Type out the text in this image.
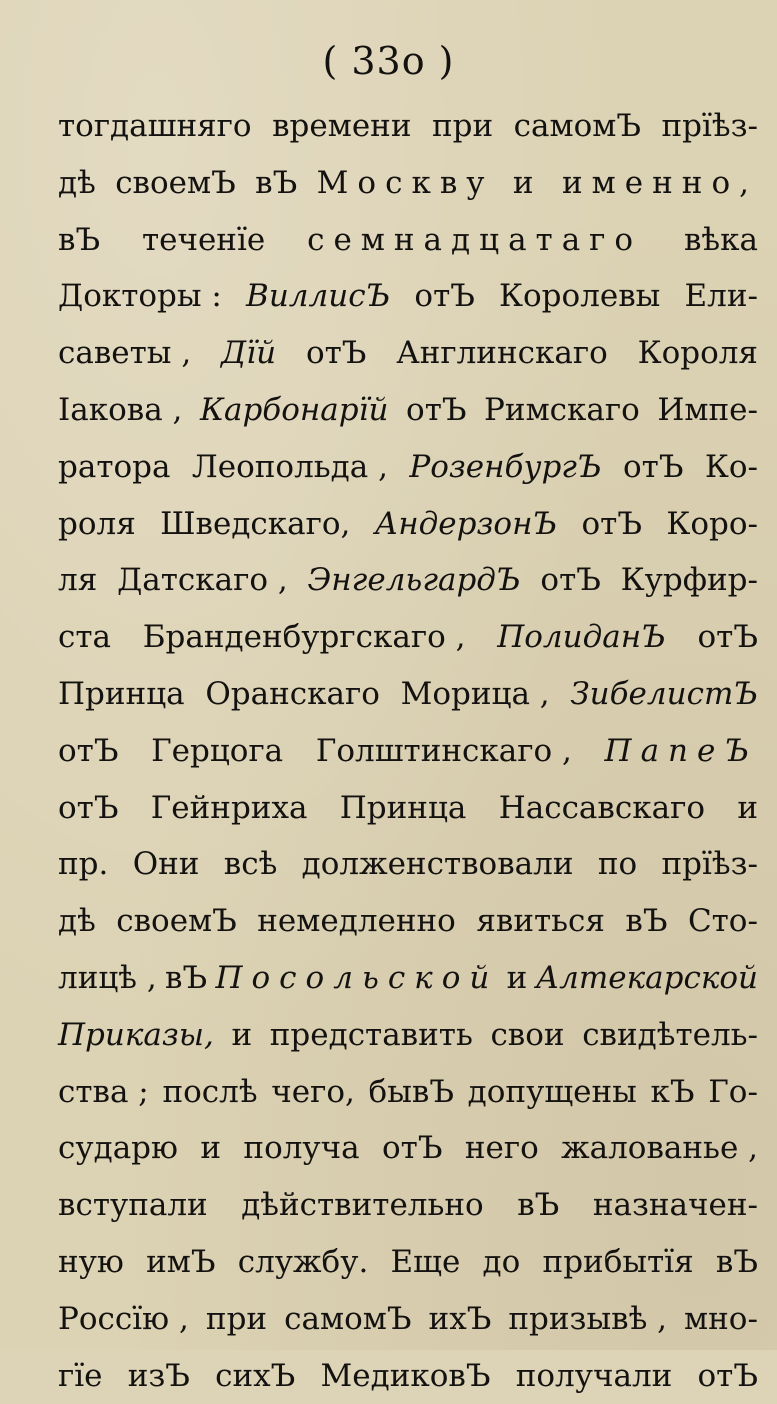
( 33о )
тогдашняго времени при самомЪ прїѣз-
дѣ своемЪ вЪ Москву и именно,
вЪ теченїе семнадцатаго вѣка
Докторы : ВиллисЪ отЪ Королевы Ели-
саветы , Дїй отЪ Англинскаго Короля
Iакова , Карбонарїй отЪ Римскаго Импе-
ратора Леопольда , РозенбургЪ отЪ Ко-
роля Шведскаго, АндерзонЪ отЪ Коро-
ля Датскаго , ЭнгельгардЪ отЪ Курфир-
ста Бранденбургскаго , ПолиданЪ отЪ
Принца Оранскаго Морица , ЗибелистЪ
отЪ Герцога Голштинскаго , ПапеЪ
отЪ Гейнриха Принца Нассавскаго и
пр. Они всѣ долженствовали по прїѣз-
дѣ своемЪ немедленно явиться вЪ Сто-
лицѣ , вЪ Посольской и Алтекарской
Приказы, и представить свои свидѣтель-
ства ; послѣ чего, бывЪ допущены кЪ Го-
сударю и получа отЪ него жалованье ,
вступали дѣйствительно вЪ назначен-
ную имЪ службу. Еще до прибытїя вЪ
Россїю , при самомЪ ихЪ призывѣ , мно-
гїе изЪ сихЪ МедиковЪ получали отЪ
